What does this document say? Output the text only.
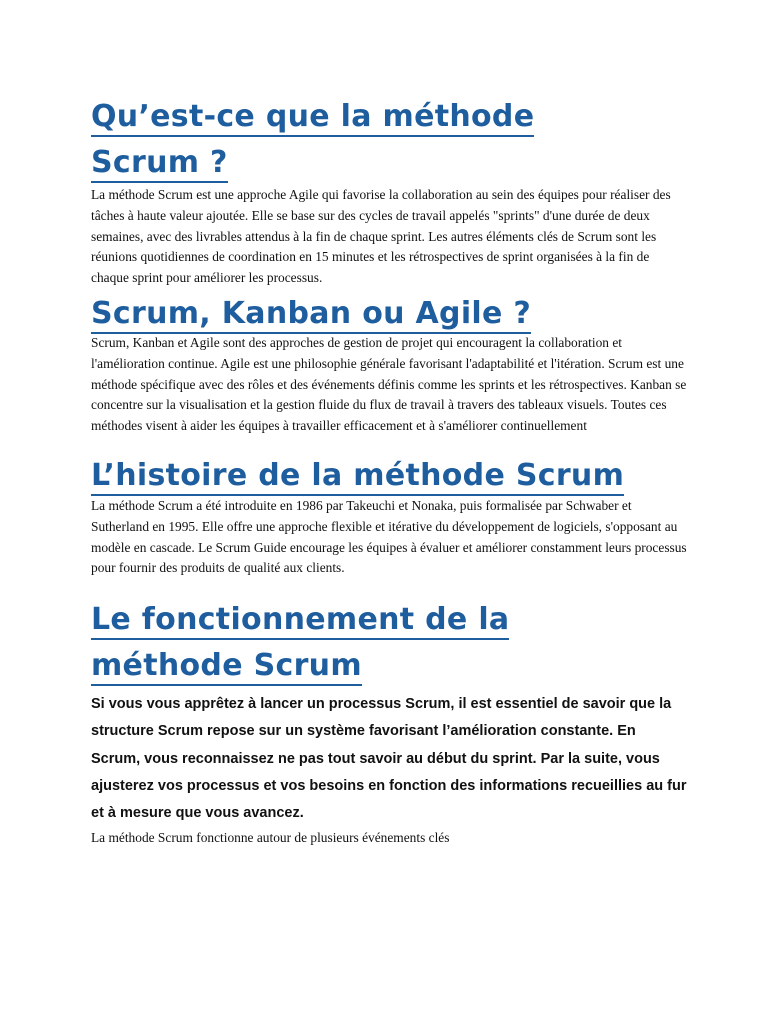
Qu’est-ce que la méthode
Scrum ?

La méthode Scrum est une approche Agile qui favorise la collaboration au sein des équipes pour réaliser des tâches à haute valeur ajoutée. Elle se base sur des cycles de travail appelés "sprints" d'une durée de deux semaines, avec des livrables attendus à la fin de chaque sprint. Les autres éléments clés de Scrum sont les réunions quotidiennes de coordination en 15 minutes et les rétrospectives de sprint organisées à la fin de chaque sprint pour améliorer les processus.

Scrum, Kanban ou Agile ?

Scrum, Kanban et Agile sont des approches de gestion de projet qui encouragent la collaboration et l'amélioration continue. Agile est une philosophie générale favorisant l'adaptabilité et l'itération. Scrum est une méthode spécifique avec des rôles et des événements définis comme les sprints et les rétrospectives. Kanban se concentre sur la visualisation et la gestion fluide du flux de travail à travers des tableaux visuels. Toutes ces méthodes visent à aider les équipes à travailler efficacement et à s'améliorer continuellement

L’histoire de la méthode Scrum

La méthode Scrum a été introduite en 1986 par Takeuchi et Nonaka, puis formalisée par Schwaber et Sutherland en 1995. Elle offre une approche flexible et itérative du développement de logiciels, s'opposant au modèle en cascade. Le Scrum Guide encourage les équipes à évaluer et améliorer constamment leurs processus pour fournir des produits de qualité aux clients.

Le fonctionnement de la
méthode Scrum

Si vous vous apprêtez à lancer un processus Scrum, il est essentiel de savoir que la structure Scrum repose sur un système favorisant l’amélioration constante. En Scrum, vous reconnaissez ne pas tout savoir au début du sprint. Par la suite, vous ajusterez vos processus et vos besoins en fonction des informations recueillies au fur et à mesure que vous avancez.

La méthode Scrum fonctionne autour de plusieurs événements clés
